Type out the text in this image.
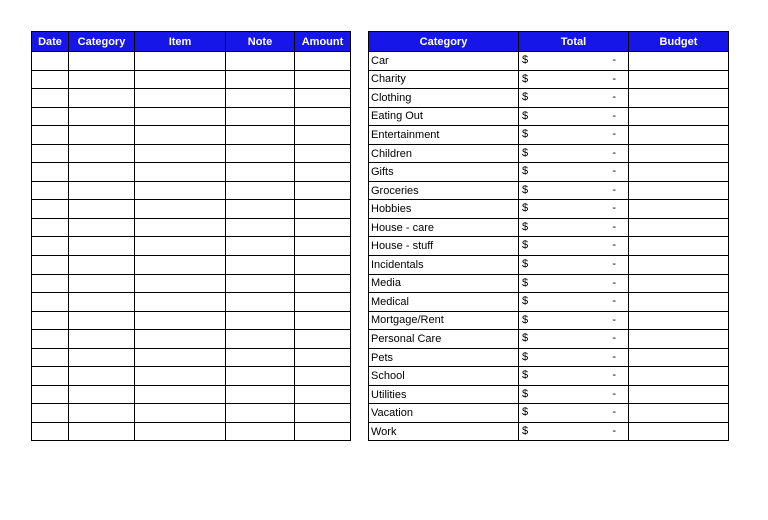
Date	Category	Item	Note	Amount

					Category	Total	Budget
Car	$ -	

Charity	$ -	

Clothing	$ -	

Eating Out	$ -	

Entertainment	$ -	

Children	$ -	

Gifts	$ -	

Groceries	$ -	

Hobbies	$ -	

House - care	$ -	

House - stuff	$ -	

Incidentals	$ -	

Media	$ -	

Medical	$ -	

Mortgage/Rent	$ -	

Personal Care	$ -	

Pets	$ -	

School	$ -	

Utilities	$ -	

Vacation	$ -	

Work	$ -	
